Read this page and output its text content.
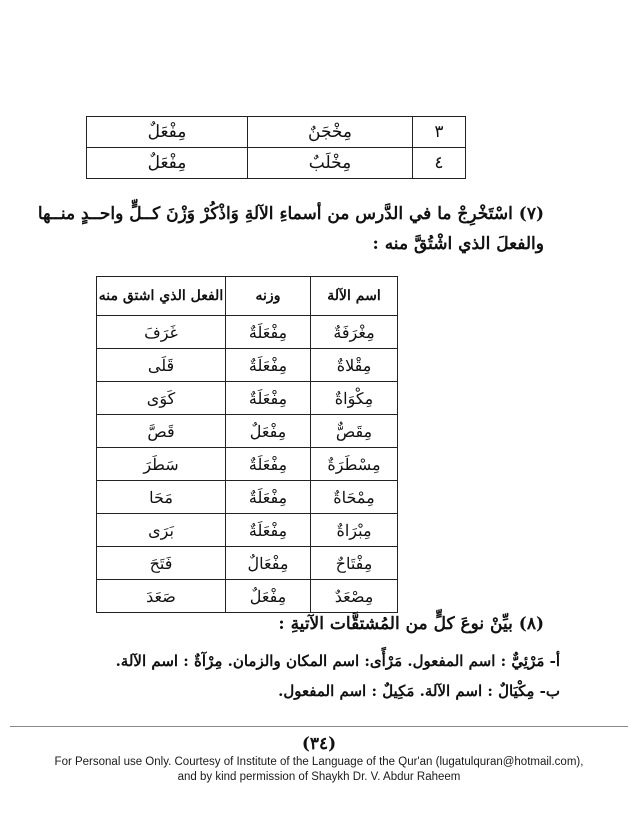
٣	مِخْجَنٌ	مِفْعَلٌ
٤	مِخْلَبٌ	مِفْعَلٌ
(٧) اسْتَخْرِجْ ما في الدَّرس من أسماءِ الآلةِ وَاذْكُرْ وَزْنَ كــلٍّ واحــدٍ منــها
والفعلَ الذي اشْتُقَّ منه :
اسم الآلة	وزنه	الفعل الذي اشتق منه
مِغْرَفَةٌ	مِفْعَلَةٌ	غَرَفَ
مِقْلاةٌ	مِفْعَلَةٌ	قَلَى
مِكْوَاةٌ	مِفْعَلَةٌ	كَوَى
مِقَصٌّ	مِفْعَلٌ	قَصَّ
مِسْطَرَةٌ	مِفْعَلَةٌ	سَطَرَ
مِمْحَاةٌ	مِفْعَلَةٌ	مَحَا
مِبْرَاةٌ	مِفْعَلَةٌ	بَرَى
مِفْتَاحٌ	مِفْعَالٌ	فَتَحَ
مِصْعَدٌ	مِفْعَلٌ	صَعَدَ
(٨) بيِّنْ نوعَ كلٍّ من المُشتقَّات الآتيةِ :
أ- مَرْئِيٌّ : اسم المفعول. مَرْأًى: اسم المكان والزمان. مِرْآةٌ : اسم الآلة.
ب- مِكْيَالٌ : اسم الآلة. مَكِيلٌ : اسم المفعول.
(٣٤)
For Personal use Only. Courtesy of Institute of the Language of the Qur'an (lugatulquran@hotmail.com),
and by kind permission of Shaykh Dr. V. Abdur Raheem
